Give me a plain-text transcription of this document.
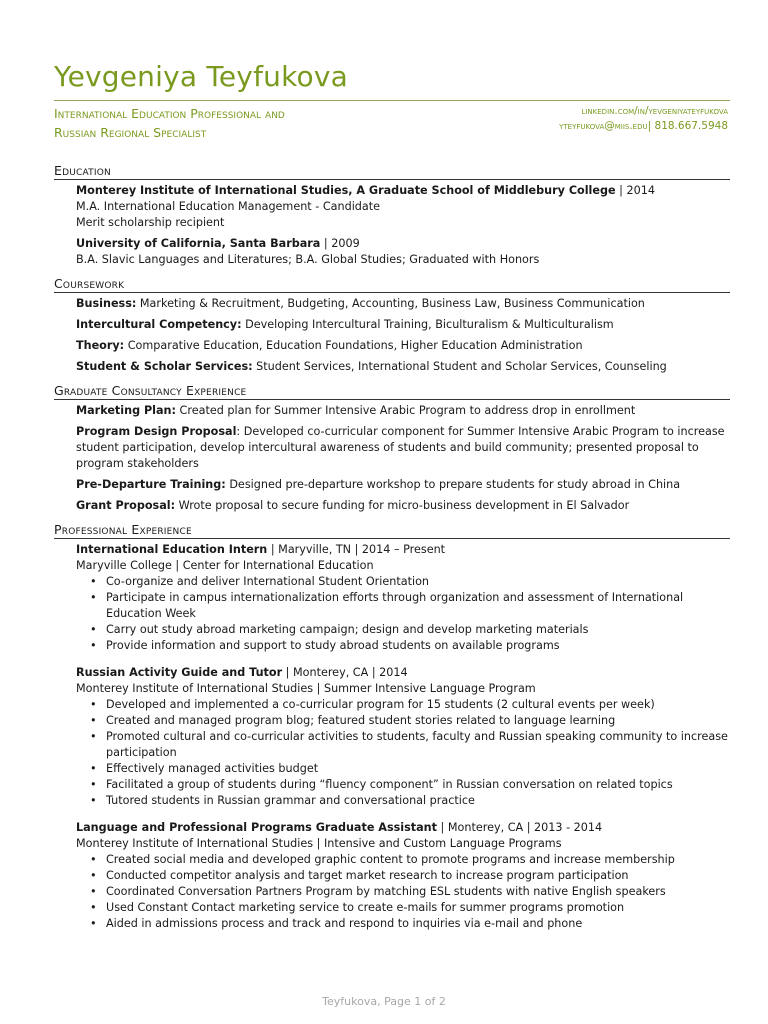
Yevgeniya Teyfukova
International Education Professional and
Russian Regional Specialist
linkedin.com/in/yevgeniyateyfukova
yteyfukova@miis.edu| 818.667.5948
Education
Monterey Institute of International Studies, A Graduate School of Middlebury College | 2014
M.A. International Education Management - Candidate
Merit scholarship recipient
University of California, Santa Barbara | 2009
B.A. Slavic Languages and Literatures; B.A. Global Studies; Graduated with Honors
Coursework
Business: Marketing & Recruitment, Budgeting, Accounting, Business Law, Business Communication
Intercultural Competency: Developing Intercultural Training, Biculturalism & Multiculturalism
Theory: Comparative Education, Education Foundations, Higher Education Administration
Student & Scholar Services: Student Services, International Student and Scholar Services, Counseling
Graduate Consultancy Experience
Marketing Plan: Created plan for Summer Intensive Arabic Program to address drop in enrollment
Program Design Proposal: Developed co-curricular component for Summer Intensive Arabic Program to increase student participation, develop intercultural awareness of students and build community; presented proposal to program stakeholders
Pre-Departure Training: Designed pre-departure workshop to prepare students for study abroad in China
Grant Proposal: Wrote proposal to secure funding for micro-business development in El Salvador
Professional Experience
International Education Intern | Maryville, TN | 2014 – Present
Maryville College | Center for International Education
• Co-organize and deliver International Student Orientation
• Participate in campus internationalization efforts through organization and assessment of International Education Week
• Carry out study abroad marketing campaign; design and develop marketing materials
• Provide information and support to study abroad students on available programs
Russian Activity Guide and Tutor | Monterey, CA | 2014
Monterey Institute of International Studies | Summer Intensive Language Program
• Developed and implemented a co-curricular program for 15 students (2 cultural events per week)
• Created and managed program blog; featured student stories related to language learning
• Promoted cultural and co-curricular activities to students, faculty and Russian speaking community to increase participation
• Effectively managed activities budget
• Facilitated a group of students during “fluency component” in Russian conversation on related topics
• Tutored students in Russian grammar and conversational practice
Language and Professional Programs Graduate Assistant | Monterey, CA | 2013 - 2014
Monterey Institute of International Studies | Intensive and Custom Language Programs
• Created social media and developed graphic content to promote programs and increase membership
• Conducted competitor analysis and target market research to increase program participation
• Coordinated Conversation Partners Program by matching ESL students with native English speakers
• Used Constant Contact marketing service to create e-mails for summer programs promotion
• Aided in admissions process and track and respond to inquiries via e-mail and phone
Teyfukova, Page 1 of 2
